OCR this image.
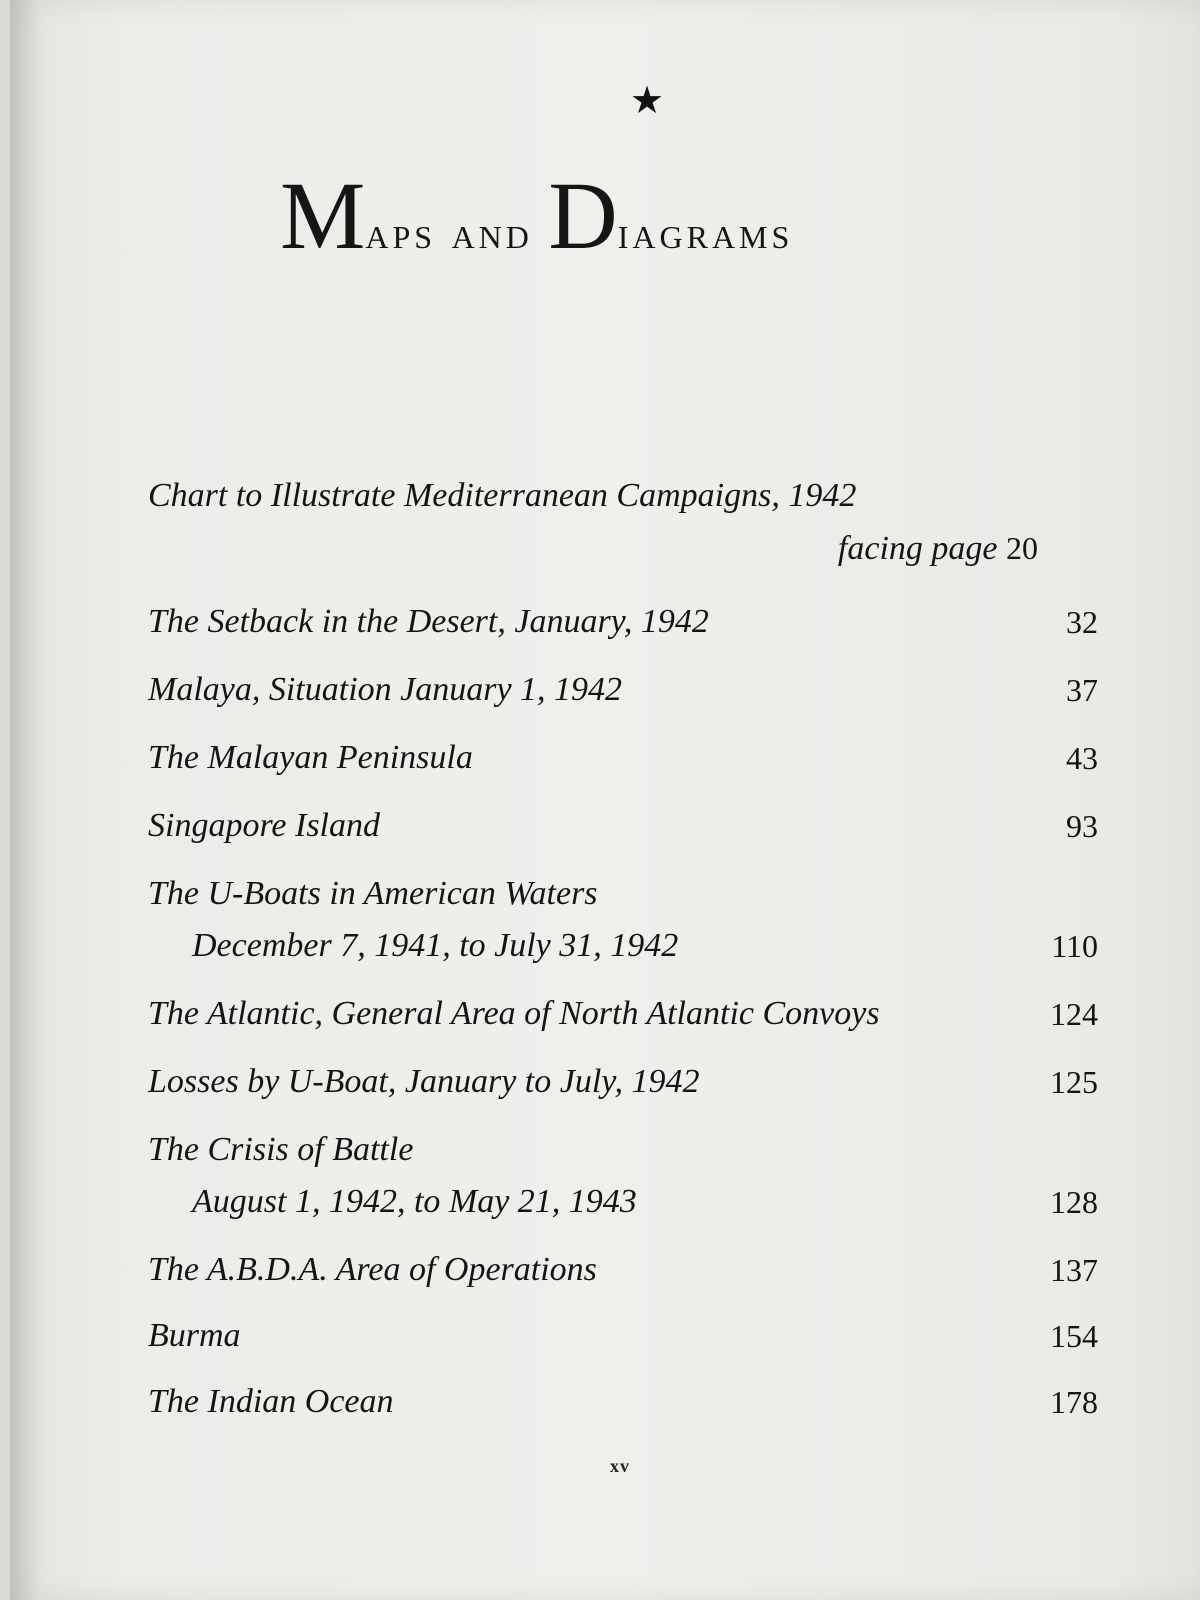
★
Maps and Diagrams
Chart to Illustrate Mediterranean Campaigns, 1942
facing page 20
The Setback in the Desert, January, 1942	32
Malaya, Situation January 1, 1942	37
The Malayan Peninsula	43
Singapore Island	93
The U-Boats in American Waters
December 7, 1941, to July 31, 1942	110
The Atlantic, General Area of North Atlantic Convoys	124
Losses by U-Boat, January to July, 1942	125
The Crisis of Battle
August 1, 1942, to May 21, 1943	128
The A.B.D.A. Area of Operations	137
Burma	154
The Indian Ocean	178
xv
